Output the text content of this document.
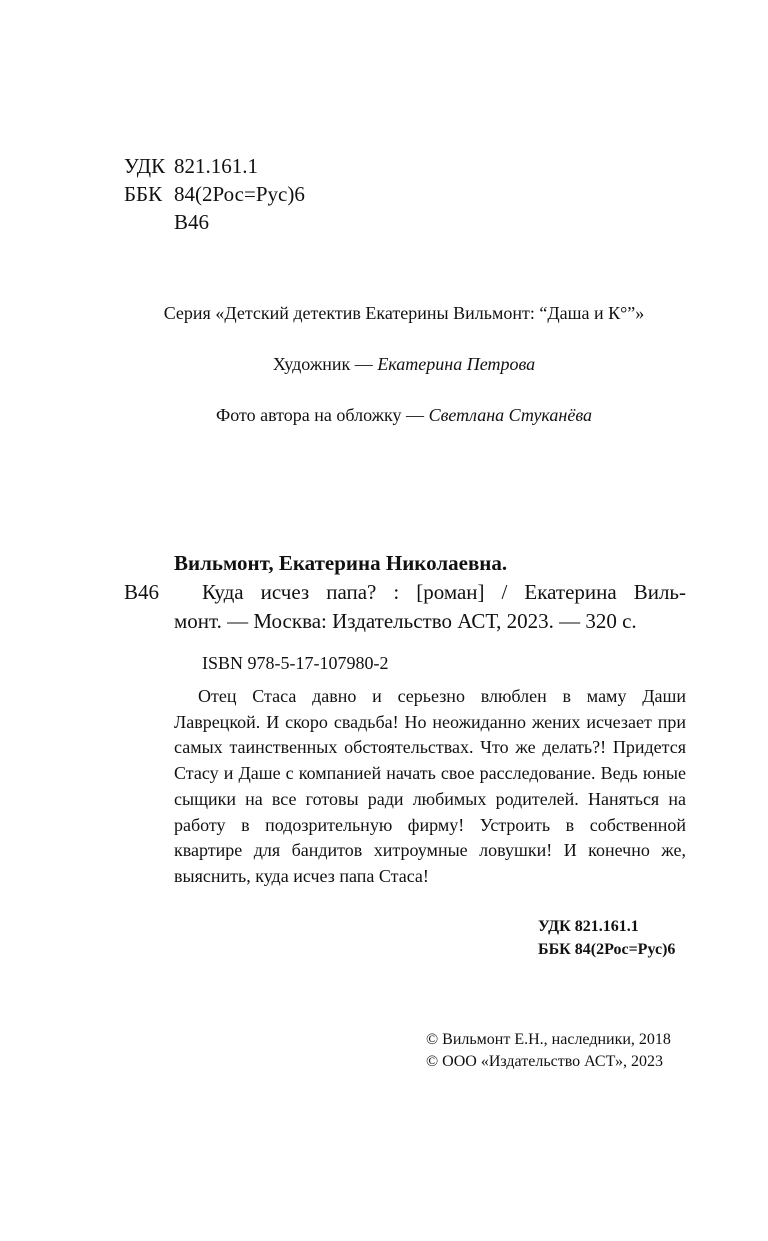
УДК 821.161.1
ББК 84(2Рос=Рус)6
В46
Серия «Детский детектив Екатерины Вильмонт: “Даша и К°”»
Художник — Екатерина Петрова
Фото автора на обложку — Светлана Стуканёва
Вильмонт, Екатерина Николаевна.
В46 Куда исчез папа? : [роман] / Екатерина Виль-
монт. — Москва: Издательство АСТ, 2023. — 320 с.
ISBN 978-5-17-107980-2

Отец Стаса давно и серьезно влюблен в маму Даши Лаврецкой. И скоро свадьба! Но неожиданно жених исчезает при самых таинственных обстоятельствах. Что же делать?! Придется Стасу и Даше с компанией начать свое расследование. Ведь юные сыщики на все готовы ради любимых родителей. Наняться на работу в подозрительную фирму! Устроить в собственной квартире для бандитов хитроумные ловушки! И конечно же, выяснить, куда исчез папа Стаса!

УДК 821.161.1
ББК 84(2Рос=Рус)6
© Вильмонт Е.Н., наследники, 2018
© ООО «Издательство АСТ», 2023
